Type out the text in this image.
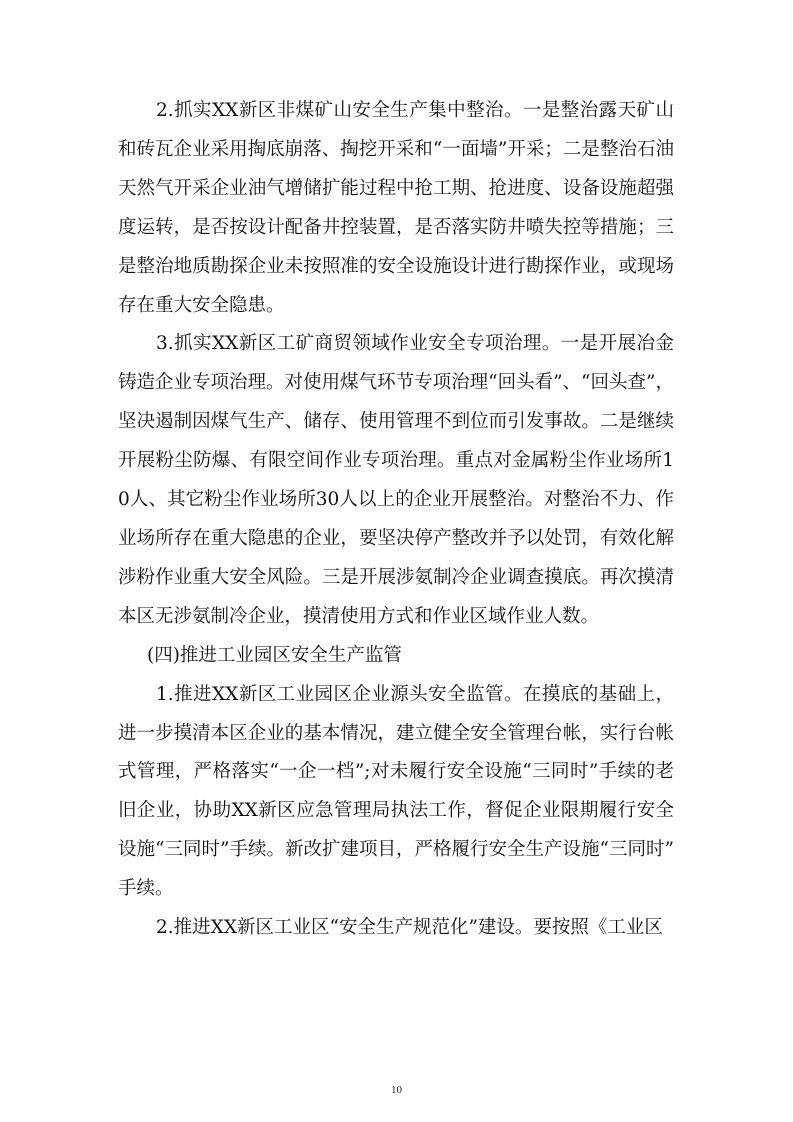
2.抓实XX新区非煤矿山安全生产集中整治。一是整治露天矿山和砖瓦企业采用掏底崩落、掏挖开采和“一面墙”开采；二是整治石油天然气开采企业油气增储扩能过程中抢工期、抢进度、设备设施超强度运转，是否按设计配备井控装置，是否落实防井喷失控等措施；三是整治地质勘探企业未按照准的安全设施设计进行勘探作业，或现场存在重大安全隐患。

3.抓实XX新区工矿商贸领域作业安全专项治理。一是开展冶金铸造企业专项治理。对使用煤气环节专项治理“回头看”、“回头查”，坚决遏制因煤气生产、储存、使用管理不到位而引发事故。二是继续开展粉尘防爆、有限空间作业专项治理。重点对金属粉尘作业场所10人、其它粉尘作业场所30人以上的企业开展整治。对整治不力、作业场所存在重大隐患的企业，要坚决停产整改并予以处罚，有效化解涉粉作业重大安全风险。三是开展涉氨制冷企业调查摸底。再次摸清本区无涉氨制冷企业，摸清使用方式和作业区域作业人数。

(四)推进工业园区安全生产监管

1.推进XX新区工业园区企业源头安全监管。在摸底的基础上，进一步摸清本区企业的基本情况，建立健全安全管理台帐，实行台帐式管理，严格落实“一企一档”;对未履行安全设施“三同时”手续的老旧企业，协助XX新区应急管理局执法工作，督促企业限期履行安全设施“三同时”手续。新改扩建项目，严格履行安全生产设施“三同时”手续。

2.推进XX新区工业区“安全生产规范化”建设。要按照《工业区

10
